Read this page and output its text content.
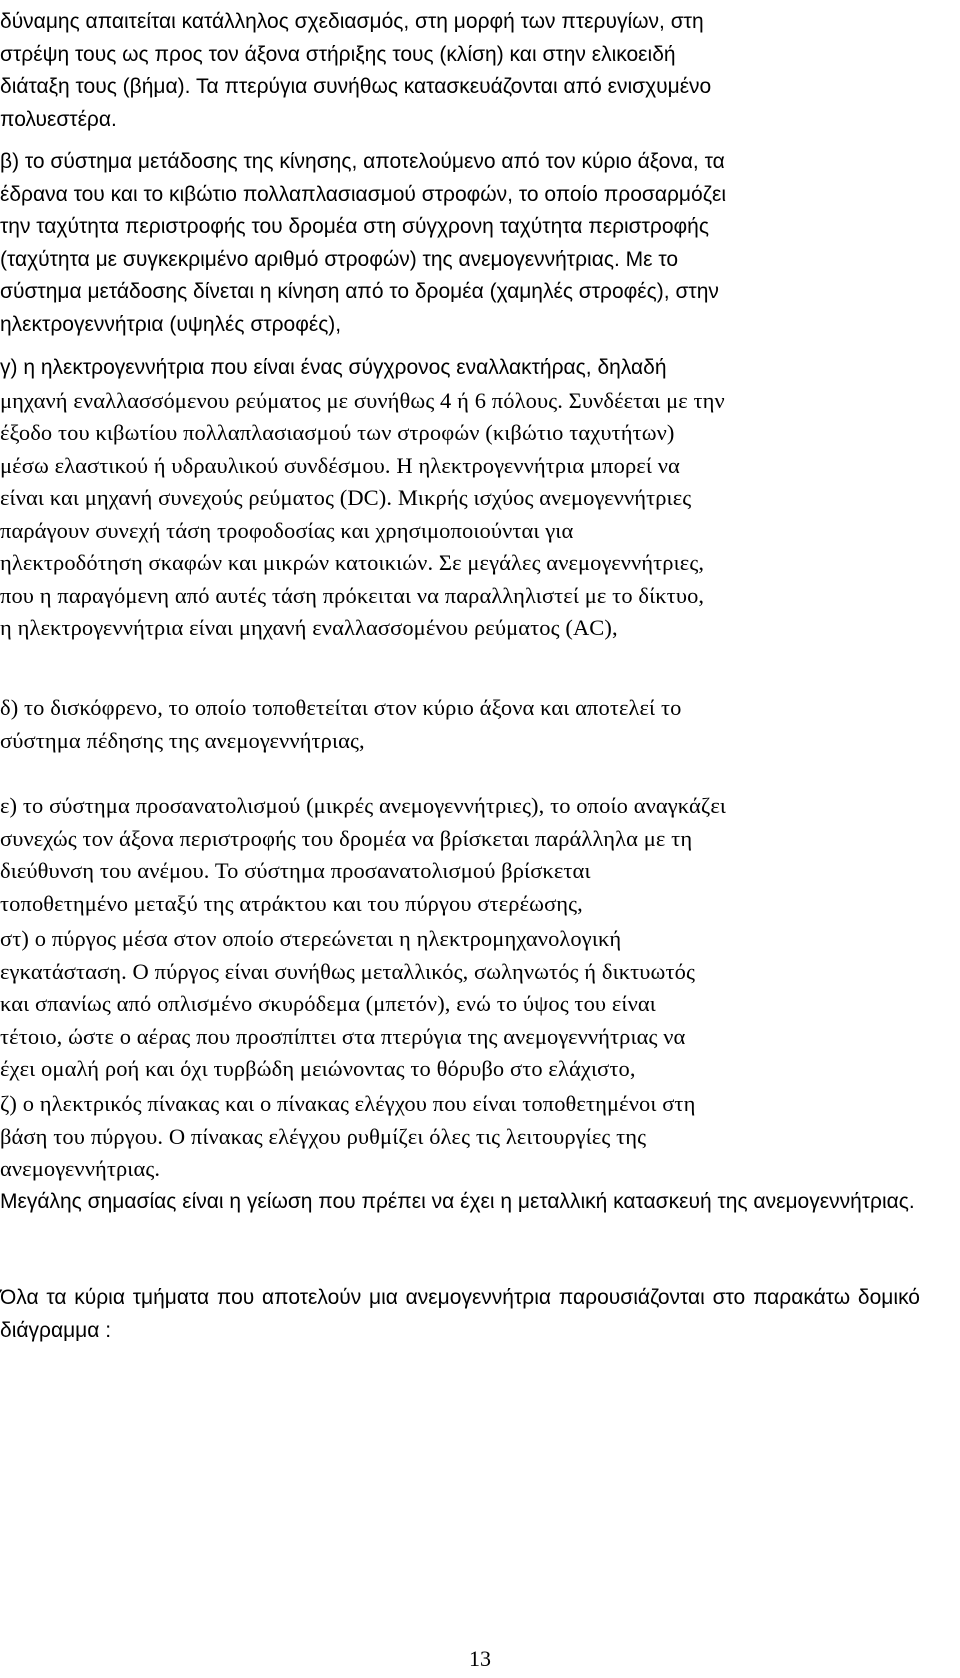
δύναμης απαιτείται κατάλληλος σχεδιασμός, στη μορφή των πτερυγίων, στη
στρέψη τους ως προς τον άξονα στήριξης τους (κλίση) και στην ελικοειδή
διάταξη τους (βήμα). Τα πτερύγια συνήθως κατασκευάζονται από ενισχυμένο
πολυεστέρα.
β) το σύστημα μετάδοσης της κίνησης, αποτελούμενο από τον κύριο άξονα, τα
έδρανα του και το κιβώτιο πολλαπλασιασμού στροφών, το οποίο προσαρμόζει
την ταχύτητα περιστροφής του δρομέα στη σύγχρονη ταχύτητα περιστροφής
(ταχύτητα με συγκεκριμένο αριθμό στροφών) της ανεμογεννήτριας. Με το
σύστημα μετάδοσης δίνεται η κίνηση από το δρομέα (χαμηλές στροφές), στην
ηλεκτρογεννήτρια (υψηλές στροφές),
γ) η ηλεκτρογεννήτρια που είναι ένας σύγχρονος εναλλακτήρας, δηλαδή
μηχανή εναλλασσόμενου ρεύματος με συνήθως 4 ή 6 πόλους. Συνδέεται με την
έξοδο του κιβωτίου πολλαπλασιασμού των στροφών (κιβώτιο ταχυτήτων)
μέσω ελαστικού ή υδραυλικού συνδέσμου. Η ηλεκτρογεννήτρια μπορεί να
είναι και μηχανή συνεχούς ρεύματος (DC). Μικρής ισχύος ανεμογεννήτριες
παράγουν συνεχή τάση τροφοδοσίας και χρησιμοποιούνται για
ηλεκτροδότηση σκαφών και μικρών κατοικιών. Σε μεγάλες ανεμογεννήτριες,
που η παραγόμενη από αυτές τάση πρόκειται να παραλληλιστεί με το δίκτυο,
η ηλεκτρογεννήτρια είναι μηχανή εναλλασσομένου ρεύματος (AC),
δ) το δισκόφρενο, το οποίο τοποθετείται στον κύριο άξονα και αποτελεί το
σύστημα πέδησης της ανεμογεννήτριας,
ε) το σύστημα προσανατολισμού (μικρές ανεμογεννήτριες), το οποίο αναγκάζει
συνεχώς τον άξονα περιστροφής του δρομέα να βρίσκεται παράλληλα με τη
διεύθυνση του ανέμου. Το σύστημα προσανατολισμού βρίσκεται
τοποθετημένο μεταξύ της ατράκτου και του πύργου στερέωσης,
στ) ο πύργος μέσα στον οποίο στερεώνεται η ηλεκτρομηχανολογική
εγκατάσταση. Ο πύργος είναι συνήθως μεταλλικός, σωληνωτός ή δικτυωτός
και σπανίως από οπλισμένο σκυρόδεμα (μπετόν), ενώ το ύψος του είναι
τέτοιο, ώστε ο αέρας που προσπίπτει στα πτερύγια της ανεμογεννήτριας να
έχει ομαλή ροή και όχι τυρβώδη μειώνοντας το θόρυβο στο ελάχιστο,
ζ) ο ηλεκτρικός πίνακας και ο πίνακας ελέγχου που είναι τοποθετημένοι στη
βάση του πύργου. Ο πίνακας ελέγχου ρυθμίζει όλες τις λειτουργίες της
ανεμογεννήτριας.

Μεγάλης σημασίας είναι η γείωση που πρέπει να έχει η μεταλλική κατασκευή της ανεμογεννήτριας.

Όλα τα κύρια τμήματα που αποτελούν μια ανεμογεννήτρια παρουσιάζονται στο παρακάτω δομικό διάγραμμα :

13
